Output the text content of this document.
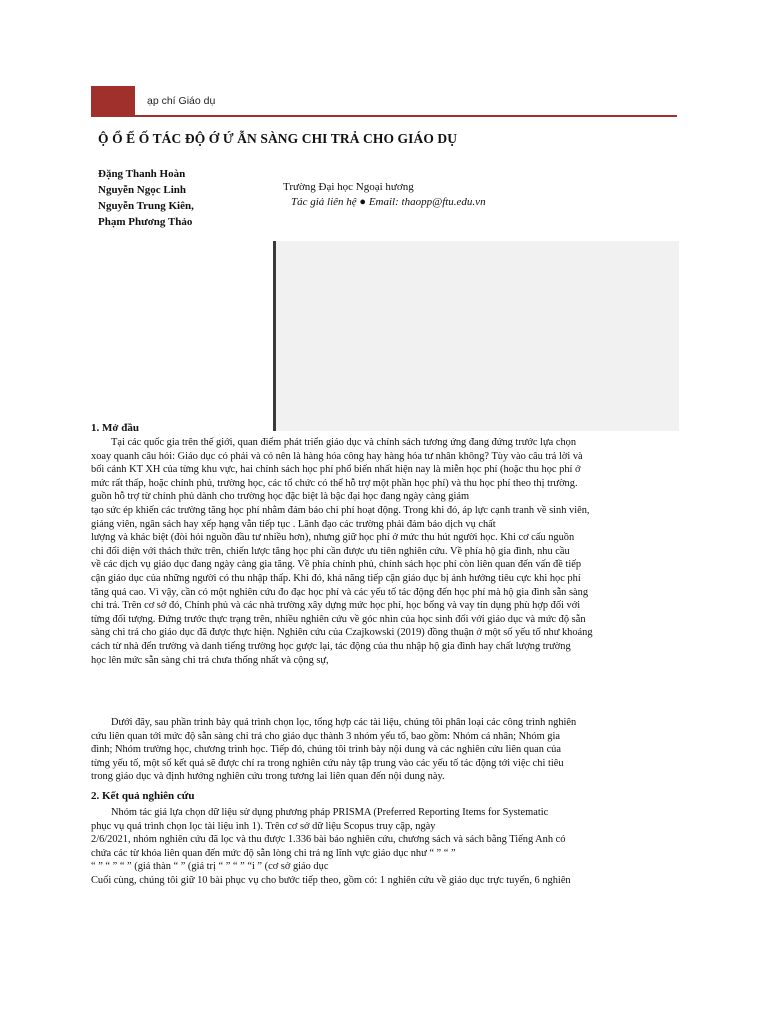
ạp chí Giáo dụ
Ộ Ổ Ế Ố TÁC ĐỘ Ớ Ứ ẪN SÀNG CHI TRẢ CHO GIÁO DỤ
Đặng Thanh Hoàn
Nguyễn Ngọc Linh
Nguyễn Trung Kiên,
Phạm Phương Thảo
Trường Đại học Ngoại hương
Tác giả liên hệ ● Email: thaopp@ftu.edu.vn
1. Mở đầu
Tại các quốc gia trên thế giới, quan điểm phát triển giáo dục và chính sách tương ứng đang đứng trước lựa chọn
xoay quanh câu hỏi: Giáo dục có phải và có nên là hàng hóa công hay hàng hóa tư nhân không? Tùy vào câu trả lời và
bối cảnh KT XH của từng khu vực, hai chính sách học phí phổ biến nhất hiện nay là miễn học phí (hoặc thu học phí ở
mức rất thấp, hoặc chính phủ, trường học, các tổ chức có thể hỗ trợ một phần học phí) và thu học phí theo thị trường.
guồn hỗ trợ từ chính phủ dành cho trường học đặc biệt là bậc đại học đang ngày càng giảm
tạo sức ép khiến các trường tăng học phí nhằm đảm bảo chi phí hoạt động. Trong khi đó, áp lực cạnh tranh về sinh viên,
giảng viên, ngân sách hay xếp hạng vẫn tiếp tục . Lãnh đạo các trường phải đảm bảo dịch vụ chất
lượng và khác biệt (đòi hỏi nguồn đầu tư nhiều hơn), nhưng giữ học phí ở mức thu hút người học. Khi cơ cấu nguồn
chi đổi diện với thách thức trên, chiến lược tăng học phí cần được ưu tiên nghiên cứu. Về phía hộ gia đình, nhu cầu
về các dịch vụ giáo dục đang ngày càng gia tăng. Về phía chính phủ, chính sách học phí còn liên quan đến vấn đề tiếp
cận giáo dục của những người có thu nhập thấp. Khi đó, khả năng tiếp cận giáo dục bị ảnh hưởng tiêu cực khi học phí
tăng quá cao. Vì vậy, cần có một nghiên cứu đo đạc học phí và các yếu tố tác động đến học phí mà hộ gia đình sẵn sàng
chi trả. Trên cơ sở đó, Chính phủ và các nhà trường xây dựng mức học phí, học bổng và vay tín dụng phù hợp đối với
từng đối tượng. Đứng trước thực trạng trên, nhiều nghiên cứu về góc nhìn của học sinh đối với giáo dục và mức độ sẵn
sàng chi trả cho giáo dục đã được thực hiện. Nghiên cứu của Czajkowski (2019) đồng thuận ở một số yếu tố như khoảng
cách từ nhà đến trường và danh tiếng trường học gược lại, tác động của thu nhập hộ gia đình hay chất lượng trường
học lên mức sẵn sàng chi trả chưa thống nhất và cộng sự,
Dưới đây, sau phần trình bày quá trình chọn lọc, tổng hợp các tài liệu, chúng tôi phân loại các công trình nghiên
cứu liên quan tới mức độ sẵn sàng chi trả cho giáo dục thành 3 nhóm yếu tố, bao gồm: Nhóm cá nhân; Nhóm gia
đình; Nhóm trường học, chương trình học. Tiếp đó, chúng tôi trình bày nội dung và các nghiên cứu liên quan của
từng yếu tố, một số kết quả sẽ được chỉ ra trong nghiên cứu này tập trung vào các yếu tố tác động tới việc chi tiêu
trong giáo dục và định hướng nghiên cứu trong tương lai liên quan đến nội dung này.
2. Kết quả nghiên cứu
Nhóm tác giả lựa chọn dữ liệu sử dụng phương pháp PRISMA (Preferred Reporting Items for Systematic
phục vụ quá trình chọn lọc tài liệu ình 1). Trên cơ sở dữ liệu Scopus truy cập, ngày
2/6/2021, nhóm nghiên cứu đã lọc và thu được 1.336 bài báo nghiên cứu, chương sách và sách bằng Tiếng Anh có
chứa các từ khóa liên quan đến mức độ sẵn lòng chi trả ng lĩnh vực giáo dục như “ ” “ ”
“ ” “ ” “ ” (giá thàn “ ” (giá trị “ ” “ ” “i ” (cơ sở giáo dục
Cuối cùng, chúng tôi giữ 10 bài phục vụ cho bước tiếp theo, gồm có: 1 nghiên cứu về giáo dục trực tuyến, 6 nghiên
